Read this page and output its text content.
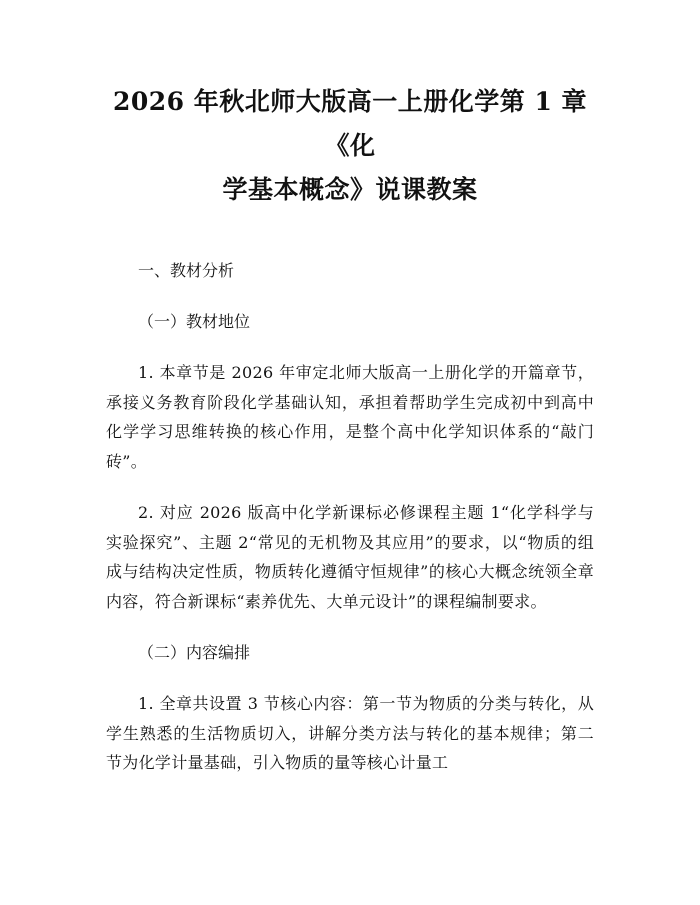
2026 年秋北师大版高一上册化学第 1 章《化
学基本概念》说课教案

一、教材分析

（一）教材地位

1. 本章节是 2026 年审定北师大版高一上册化学的开篇章节，承接义务教育阶段化学基础认知，承担着帮助学生完成初中到高中化学学习思维转换的核心作用，是整个高中化学知识体系的“敲门砖”。

2. 对应 2026 版高中化学新课标必修课程主题 1“化学科学与实验探究”、主题 2“常见的无机物及其应用”的要求，以“物质的组成与结构决定性质，物质转化遵循守恒规律”的核心大概念统领全章内容，符合新课标“素养优先、大单元设计”的课程编制要求。

（二）内容编排

1. 全章共设置 3 节核心内容：第一节为物质的分类与转化，从学生熟悉的生活物质切入，讲解分类方法与转化的基本规律；第二节为化学计量基础，引入物质的量等核心计量工
